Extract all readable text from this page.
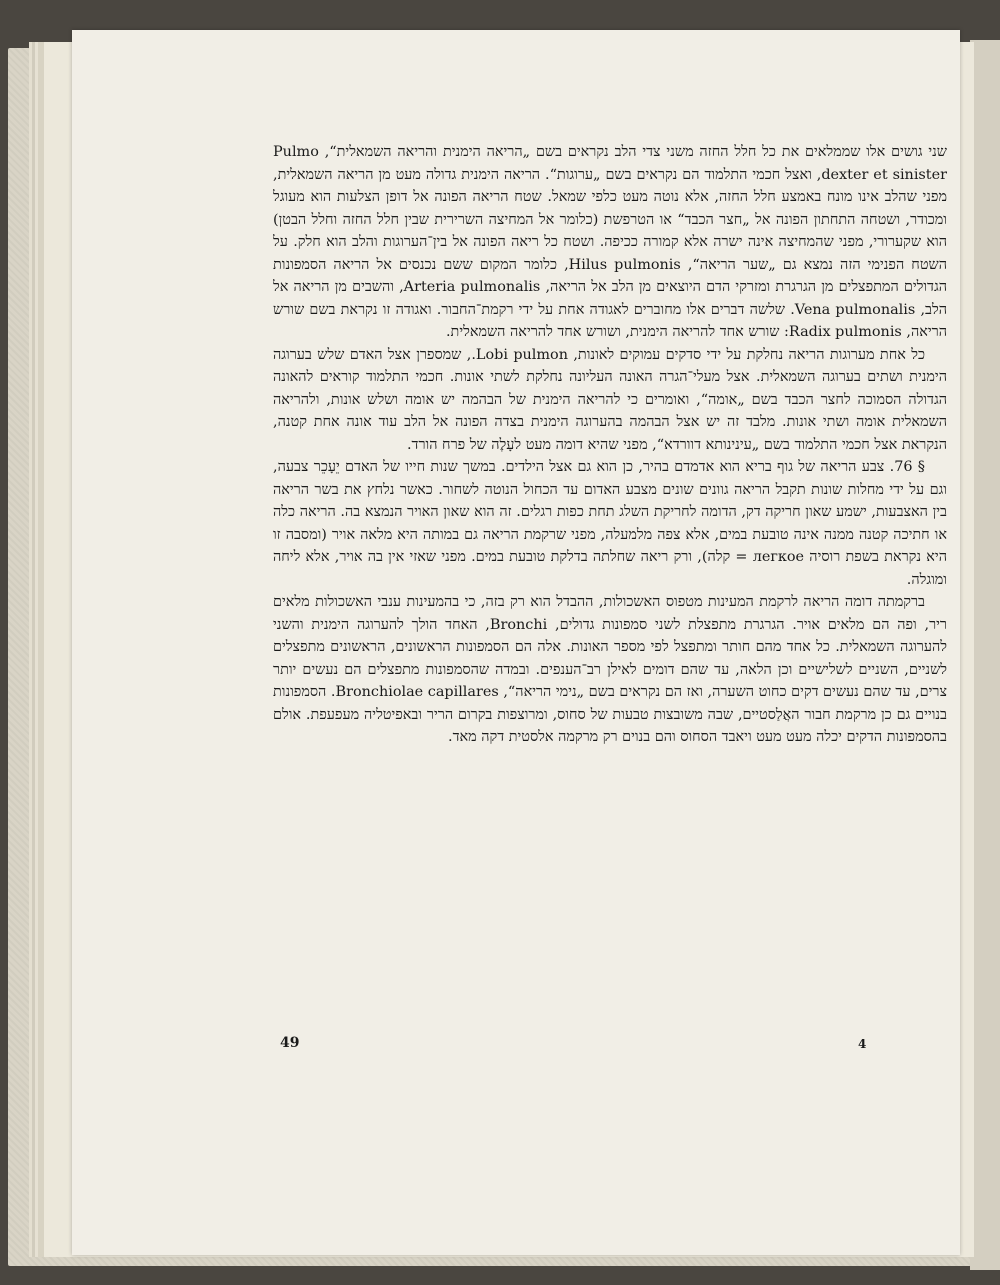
שני גושים אלו שממלאים את כל חלל החזה משני צדי הלב נקראים בשם „הריאה הימנית והריאה השמאלית“, Pulmo dexter et sinister, ואצל חכמי התלמוד הם נקראים בשם „ערוגות“. הריאה הימנית גדולה מעט מן הריאה השמאלית, מפני שהלב אינו מונח באמצע חלל החזה, אלא נוטה מעט כלפי שמאל. שטח הריאה הפונה אל דופן הצלעות הוא מעוגל ומכודר, ושטחה התחתון הפונה אל „חצר הכבד“ או הטרפשת (כלומר אל המחיצה השרירית שבין חלל החזה וחלל הבטן) הוא שקערורי, מפני שהמחיצה אינה ישרה אלא קמורה ככיפה. ושטח כל ריאה הפונה אל בין־הערוגות והלב הוא חלק. על השטח הפנימי הזה נמצא גם „שער הריאה“, Hilus pulmonis, כלומר המקום ששם נכנסים אל הריאה הסמפונות הגדולים המתפצלים מן הגרגרת ומזרקי הדם היוצאים מן הלב אל הריאה, Arteria pulmonalis, והשבים מן הריאה אל הלב, Vena pulmonalis. שלשה דברים אלו מחוברים לאגודה אחת על ידי רקמת־החבור. ואגודה זו נקראת בשם שורש הריאה, Radix pulmonis: שורש אחד להריאה הימנית, ושורש אחד להריאה השמאלית.

כל אחת מערוגות הריאה נחלקת על ידי סדקים עמוקים לאונות, Lobi pulmon., שמספרן אצל האדם שלש בערוגה הימנית ושתים בערוגה השמאלית. אצל מעלי־הגרה האונה העליונה נחלקת לשתי אונות. חכמי התלמוד קוראים להאונה הגדולה הסמוכה לחצר הכבד בשם „אומה“, ואומרים כי להריאה הימנית של הבהמה יש אומה ושלש אונות, ולהריאה השמאלית אומה ושתי אונות. מלבד זה יש אצל הבהמה בהערוגה הימנית בצדה הפונה אל הלב עוד אונה אחת קטנה, הנקראת אצל חכמי התלמוד בשם „עינינותא דוורדא“, מפני שהיא דומה מעט לעָלֶה של פרח הורד.

§ 76. צבע הריאה של גוף בריא הוא אדמדם בהיר, כן הוא גם אצל הילדים. במשך שנות חייו של האדם יֵעָכֵר צבעה, וגם על ידי מחלות שונות תקבל הריאה גוונים שונים מצבע האדום עד הכחול הנוטה לשחור. כאשר נלחץ את בשר הריאה בין האצבעות, ישמע שאון חריקה דק, הדומה לחריקת השלג תחת כפות רגלים. זה הוא שאון האויר הנמצא בה. הריאה כלה או חתיכה קטנה ממנה אינה טובעת במים, אלא צפה מלמעלה, מפני שרקמת הריאה גם במותה היא מלאה אויר (ומסבה זו היא נקראת בשפת רוסיה легкое = קלה), ורק ריאה שחלתה בדלקת טובעת במים. מפני שאזי אין בה אויר, אלא ליחה ומוגלה.

ברקמתה דומה הריאה לרקמת המעינות מטפוס האשכולות, ההבדל הוא רק בזה, כי בהמעינות ענבי האשכולות מלאים ריר, ופה הם מלאים אויר. הגרגרת מתפצלת לשני סמפונות גדולים, Bronchi, האחד הולך להערוגה הימנית והשני להערוגה השמאלית. כל אחד מהם חותר ומתפצל לפי מספר האונות. אלה הם הסמפונות הראשונים, הראשונים מתפצלים לשניים, השניים לשלישיים וכן הלאה, עד שהם דומים לאילן רב־הענפים. ובמדה שהסמפונות מתפצלים הם נעשים יותר צרים, עד שהם נעשים דקים כחוט השערה, ואז הם נקראים בשם „נימי הריאה“, Bronchiolae capillares. הסמפונות בנויים גם כן מרקמת חבור האֲלַסטיים, שבה משובצות טבעות של סחוס, ומרוצפות בקרום הריר ובאפיטליה מעפעפת. אולם בהסמפונות הדקים יכלה מעט מעט ויאבד הסחוס והם בנוים רק מרקמה אלסטית דקה מאד.

49	4
